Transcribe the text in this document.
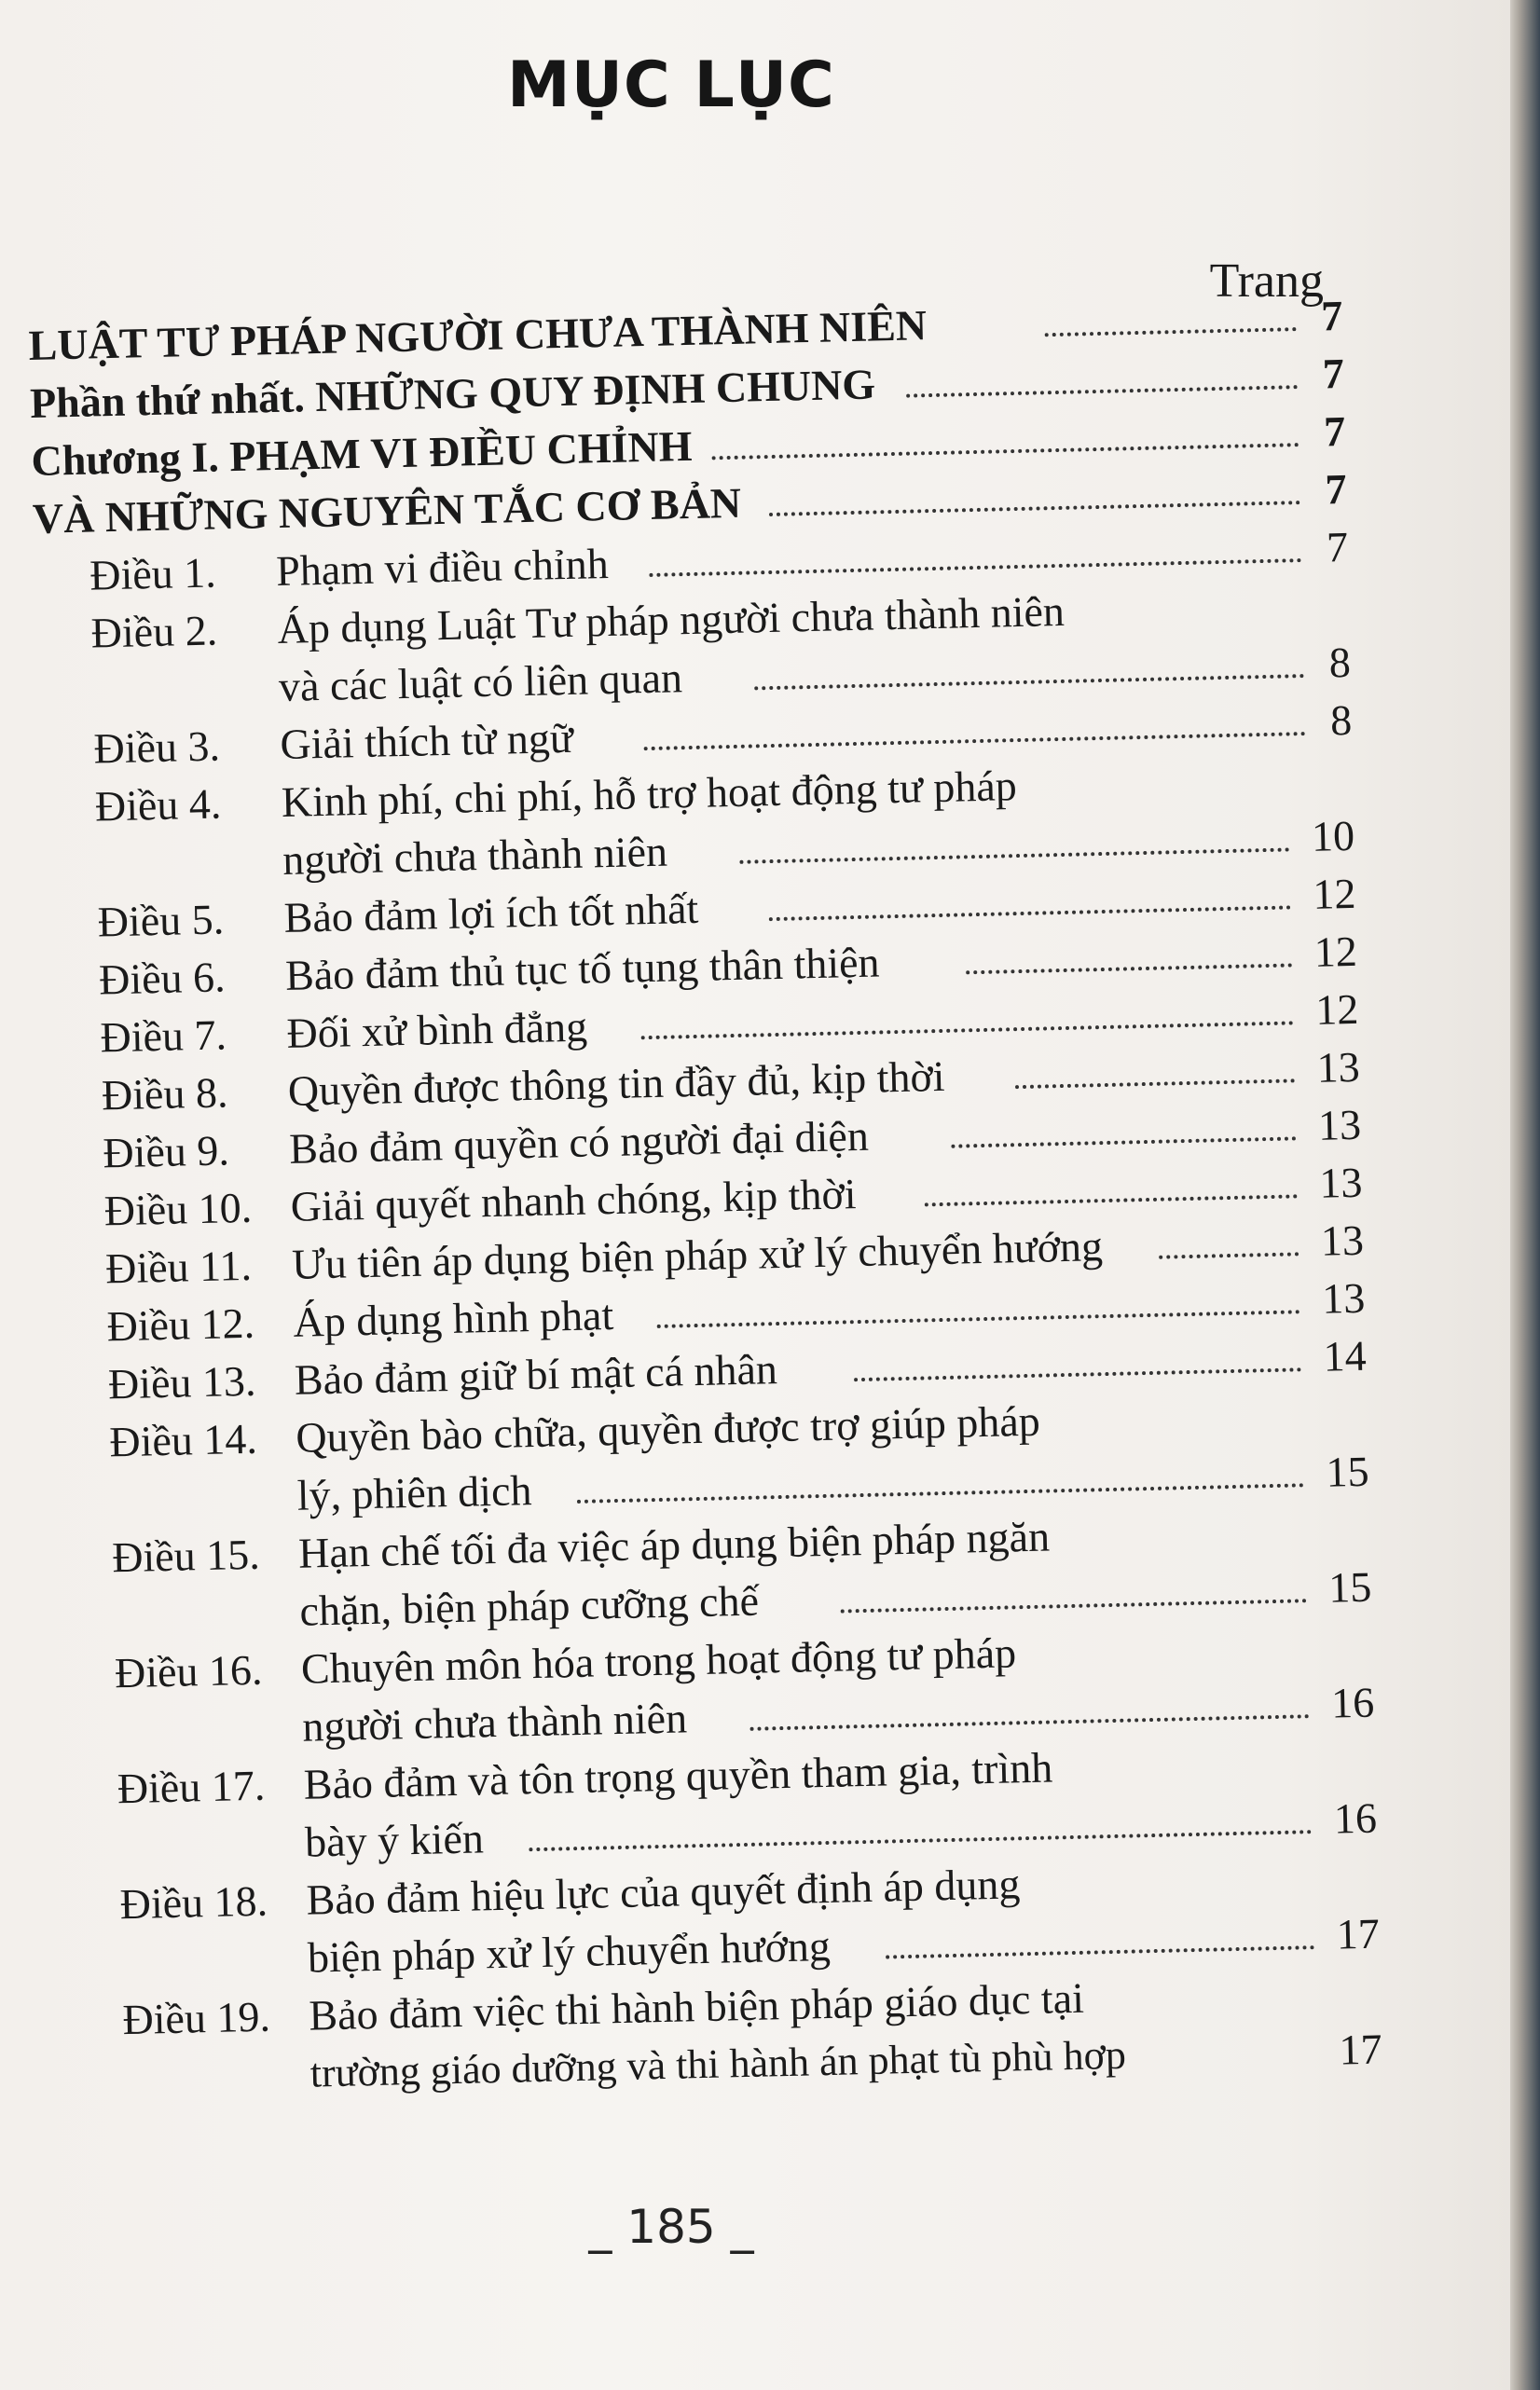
MỤC LỤC
Trang
LUẬT TƯ PHÁP NGƯỜI CHƯA THÀNH NIÊN	7
Phần thứ nhất. NHỮNG QUY ĐỊNH CHUNG	7
Chương I. PHẠM VI ĐIỀU CHỈNH	7
VÀ NHỮNG NGUYÊN TẮC CƠ BẢN	7
Điều 1. Phạm vi điều chỉnh	7
Điều 2. Áp dụng Luật Tư pháp người chưa thành niên
và các luật có liên quan	8
Điều 3. Giải thích từ ngữ	8
Điều 4. Kinh phí, chi phí, hỗ trợ hoạt động tư pháp
người chưa thành niên	10
Điều 5. Bảo đảm lợi ích tốt nhất	12
Điều 6. Bảo đảm thủ tục tố tụng thân thiện	12
Điều 7. Đối xử bình đẳng	12
Điều 8. Quyền được thông tin đầy đủ, kịp thời	13
Điều 9. Bảo đảm quyền có người đại diện	13
Điều 10. Giải quyết nhanh chóng, kịp thời	13
Điều 11. Ưu tiên áp dụng biện pháp xử lý chuyển hướng	13
Điều 12. Áp dụng hình phạt	13
Điều 13. Bảo đảm giữ bí mật cá nhân	14
Điều 14. Quyền bào chữa, quyền được trợ giúp pháp
lý, phiên dịch	15
Điều 15. Hạn chế tối đa việc áp dụng biện pháp ngăn
chặn, biện pháp cưỡng chế	15
Điều 16. Chuyên môn hóa trong hoạt động tư pháp
người chưa thành niên	16
Điều 17. Bảo đảm và tôn trọng quyền tham gia, trình
bày ý kiến	16
Điều 18. Bảo đảm hiệu lực của quyết định áp dụng
biện pháp xử lý chuyển hướng	17
Điều 19. Bảo đảm việc thi hành biện pháp giáo dục tại
trường giáo dưỡng và thi hành án phạt tù phù hợp	17
_ 185 _
